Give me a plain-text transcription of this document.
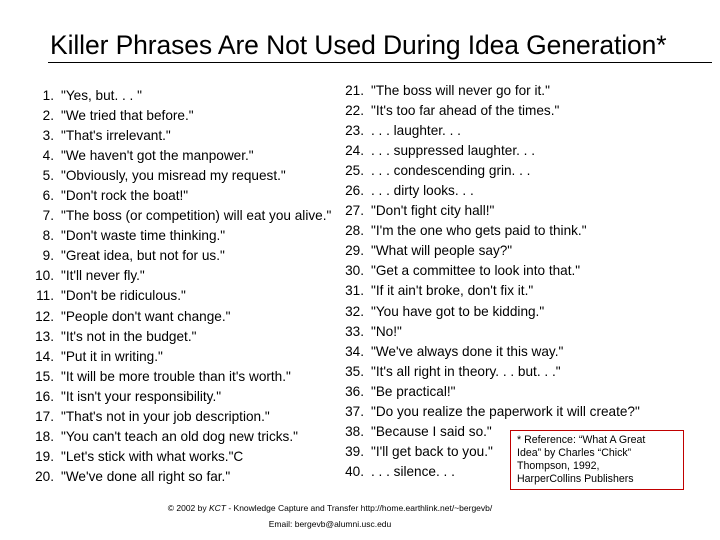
Killer Phrases Are Not Used During Idea Generation*
1. "Yes, but. . . "
2. "We tried that before."
3. "That's irrelevant."
4. "We haven't got the manpower."
5. "Obviously, you misread my request."
6. "Don't rock the boat!"
7. "The boss (or competition) will eat you alive."
8. "Don't waste time thinking."
9. "Great idea, but not for us."
10. "It'll never fly."
11. "Don't be ridiculous."
12. "People don't want change."
13. "It's not in the budget."
14. "Put it in writing."
15. "It will be more trouble than it's worth."
16. "It isn't your responsibility."
17. "That's not in your job description."
18. "You can't teach an old dog new tricks."
19. "Let's stick with what works."C
20. "We've done all right so far."
21. "The boss will never go for it."
22. "It's too far ahead of the times."
23. . . . laughter. . .
24. . . . suppressed laughter. . .
25. . . . condescending grin. . .
26. . . . dirty looks. . .
27. "Don't fight city hall!"
28. "I'm the one who gets paid to think."
29. "What will people say?"
30. "Get a committee to look into that."
31. "If it ain't broke, don't fix it."
32. "You have got to be kidding."
33. "No!"
34. "We've always done it this way."
35. "It's all right in theory. . . but. . ."
36. "Be practical!"
37. "Do you realize the paperwork it will create?"
38. "Because I said so."
39. "I'll get back to you."
40. . . . silence. . .
* Reference: “What A Great
Idea” by Charles “Chick”
Thompson, 1992,
HarperCollins Publishers
© 2002 by KCT - Knowledge Capture and Transfer http://home.earthlink.net/~bergevb/
Email: bergevb@alumni.usc.edu
